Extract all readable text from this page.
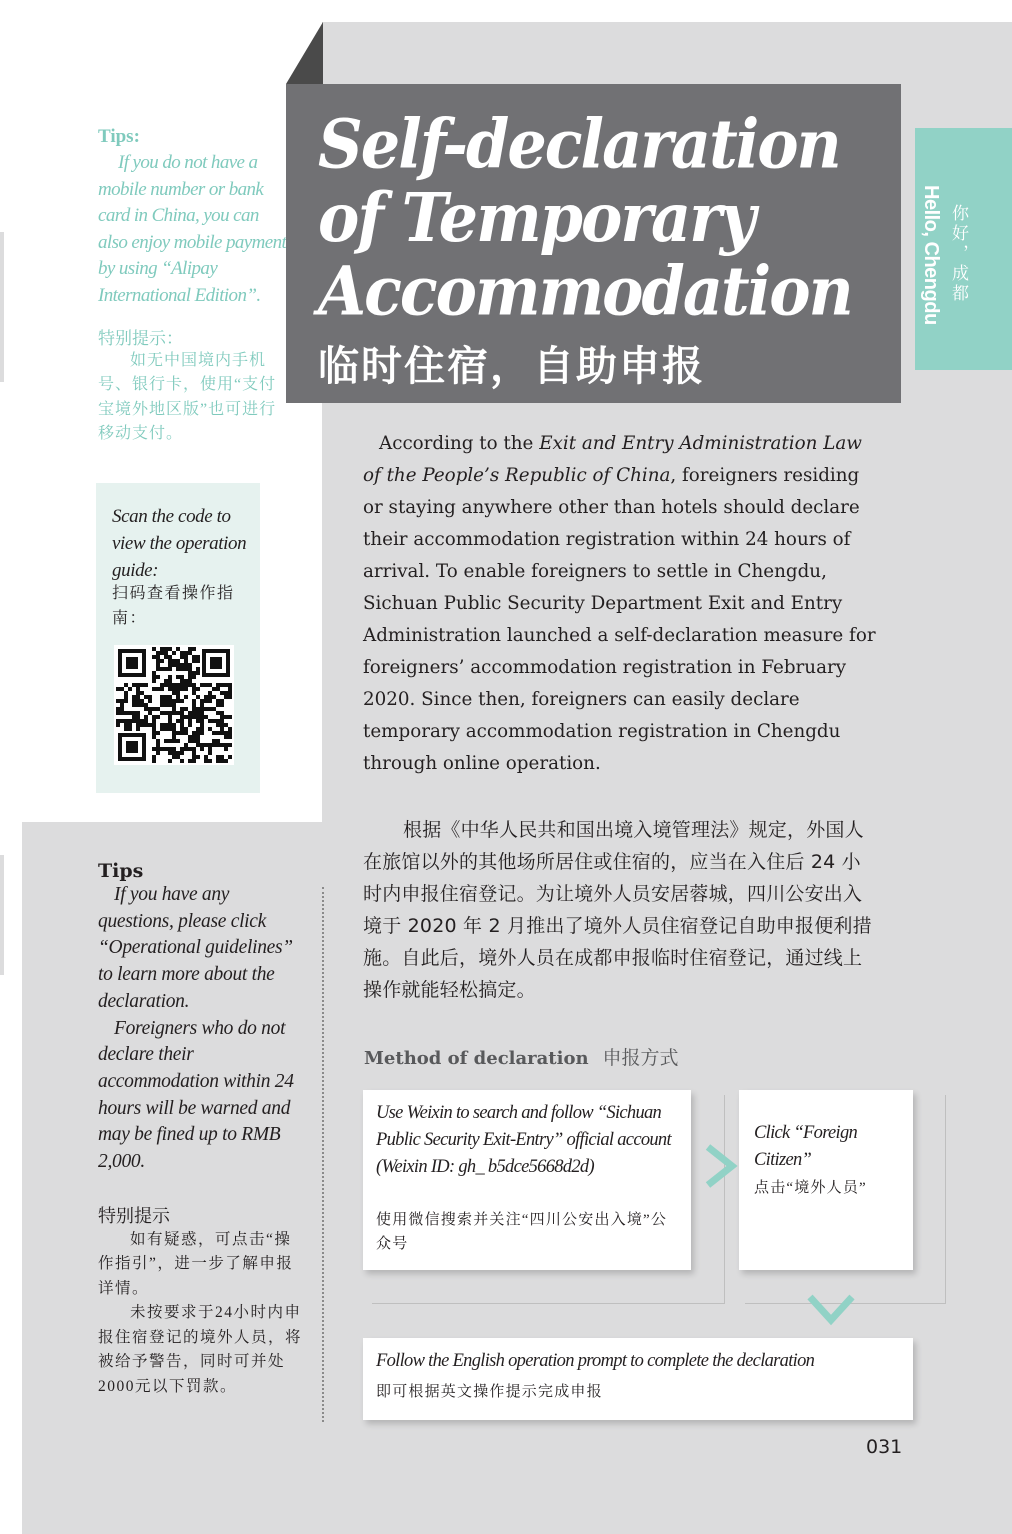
Tips:

If you do not have a mobile number or bank card in China, you can also enjoy mobile payment by using “Alipay International Edition”.

特别提示：

如无中国境内手机号、银行卡，使用“支付宝境外地区版”也可进行移动支付。

Scan the code to view the operation guide:
扫码查看操作指南：
Self-declaration of Temporary Accommodation
临时住宿，自助申报
Hello, Chengdu 你好，成都

According to the Exit and Entry Administration Law of the People’s Republic of China, foreigners residing or staying anywhere other than hotels should declare their accommodation registration within 24 hours of arrival. To enable foreigners to settle in Chengdu, Sichuan Public Security Department Exit and Entry Administration launched a self-declaration measure for foreigners’ accommodation registration in February 2020. Since then, foreigners can easily declare temporary accommodation registration in Chengdu through online operation.

根据《中华人民共和国出境入境管理法》规定，外国人在旅馆以外的其他场所居住或住宿的，应当在入住后 24 小时内申报住宿登记。为让境外人员安居蓉城，四川公安出入境于 2020 年 2 月推出了境外人员住宿登记自助申报便利措施。自此后，境外人员在成都申报临时住宿登记，通过线上操作就能轻松搞定。

Method of declaration 申报方式
Use Weixin to search and follow “Sichuan Public Security Exit-Entry” official account (Weixin ID: gh_ b5dce5668d2d)
使用微信搜索并关注“四川公安出入境”公众号
Click “Foreign Citizen”
点击“境外人员”
Follow the English operation prompt to complete the declaration
即可根据英文操作提示完成申报
Tips

If you have any questions, please click “Operational guidelines” to learn more about the declaration.

Foreigners who do not declare their accommodation within 24 hours will be warned and may be fined up to RMB 2,000.

特别提示

如有疑惑，可点击“操作指引”，进一步了解申报详情。

未按要求于24小时内申报住宿登记的境外人员，将被给予警告，同时可并处2000元以下罚款。

031
